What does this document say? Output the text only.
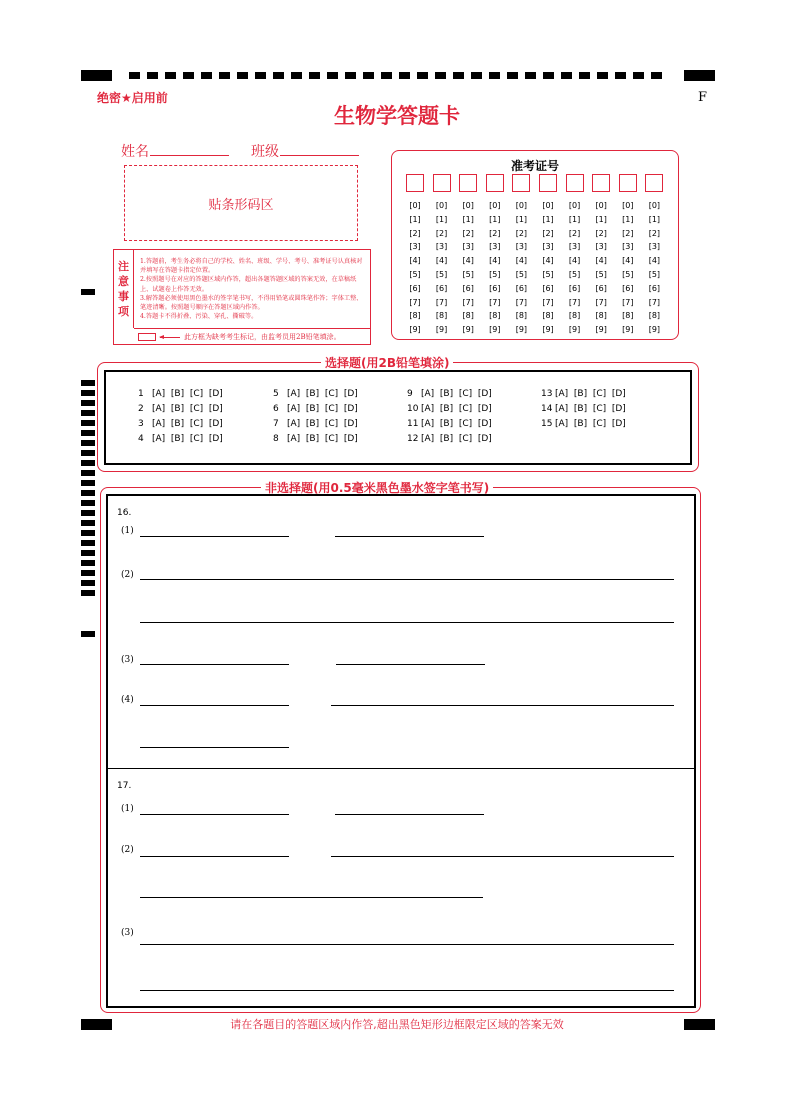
绝密★启用前	F
生物学答题卡
姓名	班级
贴条形码区
注
意
事
项
1.答题前，考生务必将自己的学校、姓名、班级、学号、考号、准考证号认真核对并填写在答题卡指定位置。
2.按照题号在对应的答题区域内作答，超出各题答题区域的答案无效，在草稿纸上、试题卷上作答无效。
3.解答题必须使用黑色墨水的签字笔书写，不得用铅笔或圆珠笔作答；字体工整、笔迹清晰。按照题号顺序在答题区域内作答。
4.答题卡不得折叠、污染、穿孔、撕破等。
此方框为缺考考生标记，由监考员用2B铅笔填涂。
准考证号
[0]
[1]
[2]
[3]
[4]
[5]
[6]
[7]
[8]
[9]
[0]
[1]
[2]
[3]
[4]
[5]
[6]
[7]
[8]
[9]
[0]
[1]
[2]
[3]
[4]
[5]
[6]
[7]
[8]
[9]
[0]
[1]
[2]
[3]
[4]
[5]
[6]
[7]
[8]
[9]
[0]
[1]
[2]
[3]
[4]
[5]
[6]
[7]
[8]
[9]
[0]
[1]
[2]
[3]
[4]
[5]
[6]
[7]
[8]
[9]
[0]
[1]
[2]
[3]
[4]
[5]
[6]
[7]
[8]
[9]
[0]
[1]
[2]
[3]
[4]
[5]
[6]
[7]
[8]
[9]
[0]
[1]
[2]
[3]
[4]
[5]
[6]
[7]
[8]
[9]
[0]
[1]
[2]
[3]
[4]
[5]
[6]
[7]
[8]
[9]
选择题(用2B铅笔填涂)
1 [A]  [B]  [C]  [D]
2 [A]  [B]  [C]  [D]
3 [A]  [B]  [C]  [D]
4 [A]  [B]  [C]  [D]
5 [A]  [B]  [C]  [D]
6 [A]  [B]  [C]  [D]
7 [A]  [B]  [C]  [D]
8 [A]  [B]  [C]  [D]
9 [A]  [B]  [C]  [D]
10 [A]  [B]  [C]  [D]
11 [A]  [B]  [C]  [D]
12 [A]  [B]  [C]  [D]
13 [A]  [B]  [C]  [D]
14 [A]  [B]  [C]  [D]
15 [A]  [B]  [C]  [D]
非选择题(用0.5毫米黑色墨水签字笔书写)
16.
(1)
(2)
(3)
(4)
17.
(1)
(2)
(3)
请在各题目的答题区域内作答,超出黑色矩形边框限定区域的答案无效
